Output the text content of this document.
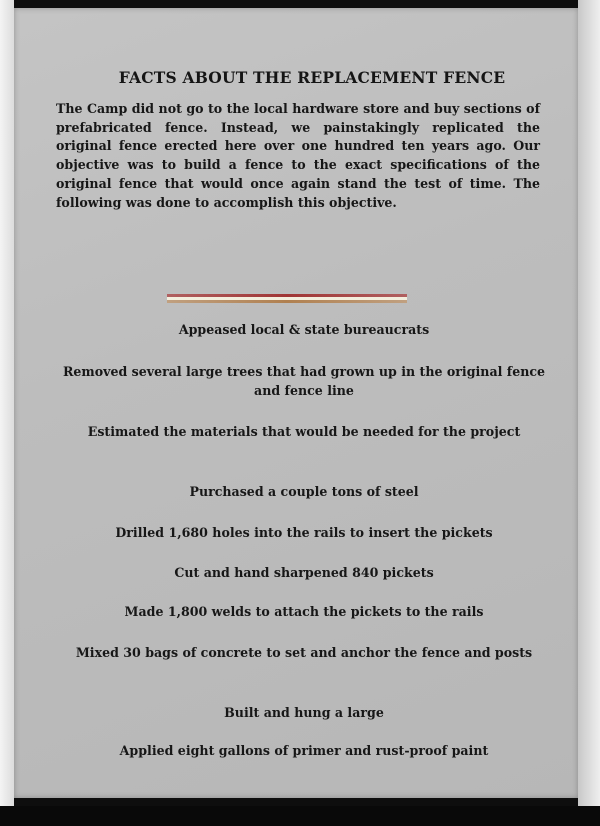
FACTS ABOUT THE REPLACEMENT FENCE

The Camp did not go to the local hardware store and buy sections of prefabricated fence. Instead, we painstakingly replicated the original fence erected here over one hundred ten years ago. Our objective was to build a fence to the exact specifications of the original fence that would once again stand the test of time. The following was done to accomplish this objective.

Appeased local & state bureaucrats
Removed several large trees that had grown up in the original fence and fence line
Estimated the materials that would be needed for the project
Purchased a couple tons of steel
Drilled 1,680 holes into the rails to insert the pickets
Cut and hand sharpened 840 pickets
Made 1,800 welds to attach the pickets to the rails
Mixed 30 bags of concrete to set and anchor the fence and posts
Built and hung a large
Applied eight gallons of primer and rust-proof paint
